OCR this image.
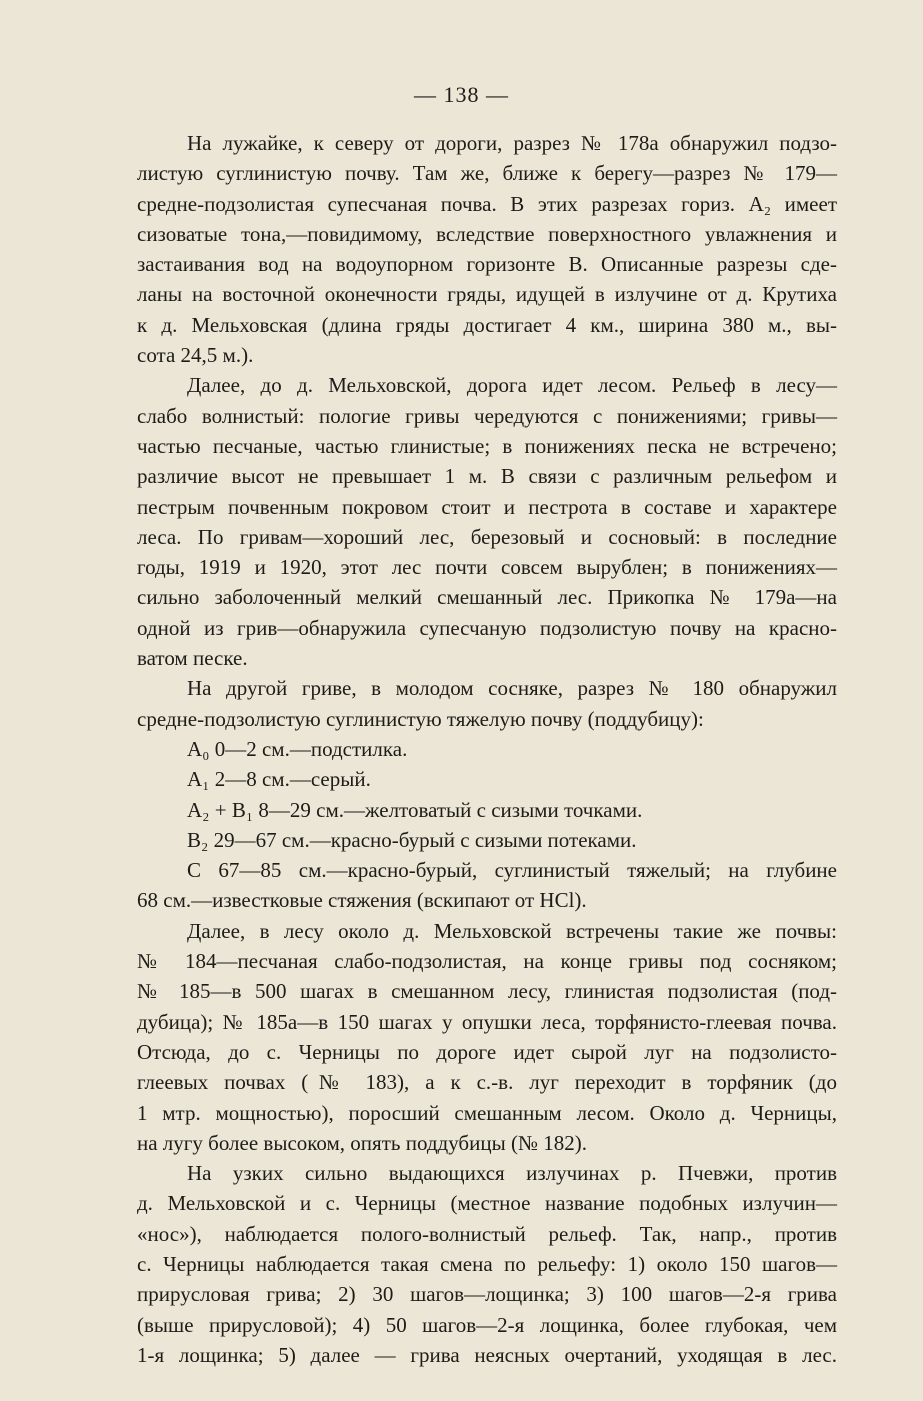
— 138 —
На лужайке, к северу от дороги, разрез № 178а обнаружил подзо-
листую суглинистую почву. Там же, ближе к берегу—разрез № 179—
средне-подзолистая супесчаная почва. В этих разрезах гориз. А₂ имеет
сизоватые тона,—повидимому, вследствие поверхностного увлажнения и
застаивания вод на водоупорном горизонте В. Описанные разрезы сде-
ланы на восточной оконечности гряды, идущей в излучине от д. Крутиха
к д. Мельховская (длина гряды достигает 4 км., ширина 380 м., вы-
сота 24,5 м.).
Далее, до д. Мельховской, дорога идет лесом. Рельеф в лесу—
слабо волнистый: пологие гривы чередуются с понижениями; гривы—
частью песчаные, частью глинистые; в понижениях песка не встречено;
различие высот не превышает 1 м. В связи с различным рельефом и
пестрым почвенным покровом стоит и пестрота в составе и характере
леса. По гривам—хороший лес, березовый и сосновый: в последние
годы, 1919 и 1920, этот лес почти совсем вырублен; в понижениях—
сильно заболоченный мелкий смешанный лес. Прикопка № 179а—на
одной из грив—обнаружила супесчаную подзолистую почву на красно-
ватом песке.
На другой гриве, в молодом сосняке, разрез № 180 обнаружил
средне-подзолистую суглинистую тяжелую почву (поддубицу):
А₀ 0—2 см.—подстилка.
А₁ 2—8 см.—серый.
А₂ + В₁ 8—29 см.—желтоватый с сизыми точками.
В₂ 29—67 см.—красно-бурый с сизыми потеками.
С 67—85 см.—красно-бурый, суглинистый тяжелый; на глубине
68 см.—известковые стяжения (вскипают от HCl).
Далее, в лесу около д. Мельховской встречены такие же почвы:
№ 184—песчаная слабо-подзолистая, на конце гривы под сосняком;
№ 185—в 500 шагах в смешанном лесу, глинистая подзолистая (под-
дубица); № 185а—в 150 шагах у опушки леса, торфянисто-глеевая почва.
Отсюда, до с. Черницы по дороге идет сырой луг на подзолисто-
глеевых почвах (№ 183), а к с.-в. луг переходит в торфяник (до
1 мтр. мощностью), поросший смешанным лесом. Около д. Черницы,
на лугу более высоком, опять поддубицы (№ 182).
На узких сильно выдающихся излучинах р. Пчевжи, против
д. Мельховской и с. Черницы (местное название подобных излучин—
«нос»), наблюдается полого-волнистый рельеф. Так, напр., против
с. Черницы наблюдается такая смена по рельефу: 1) около 150 шагов—
прирусловая грива; 2) 30 шагов—лощинка; 3) 100 шагов—2-я грива
(выше прирусловой); 4) 50 шагов—2-я лощинка, более глубокая, чем
1-я лощинка; 5) далее — грива неясных очертаний, уходящая в лес.
